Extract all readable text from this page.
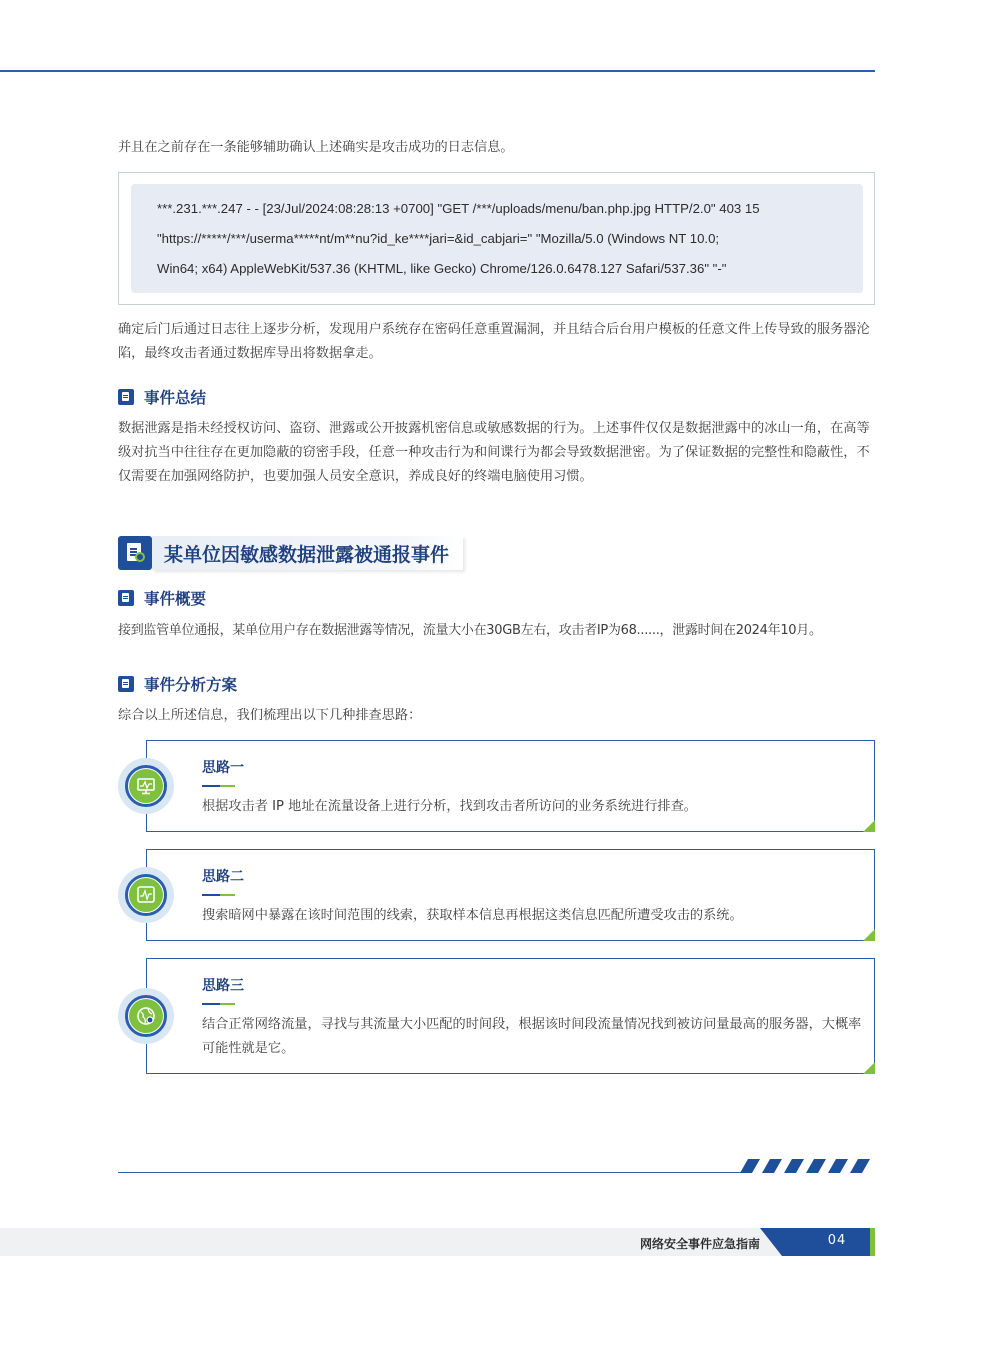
并且在之前存在一条能够辅助确认上述确实是攻击成功的日志信息。

***.231.***.247 - - [23/Jul/2024:08:28:13 +0700] "GET /***/uploads/menu/ban.php.jpg HTTP/2.0" 403 15
"https://*****/***/userma*****nt/m**nu?id_ke****jari=&id_cabjari=" "Mozilla/5.0 (Windows NT 10.0;
Win64; x64) AppleWebKit/537.36 (KHTML, like Gecko) Chrome/126.0.6478.127 Safari/537.36" "-"

确定后门后通过日志往上逐步分析，发现用户系统存在密码任意重置漏洞，并且结合后台用户模板的任意文件上传导致的服务器沦陷，最终攻击者通过数据库导出将数据拿走。

事件总结

数据泄露是指未经授权访问、盗窃、泄露或公开披露机密信息或敏感数据的行为。上述事件仅仅是数据泄露中的冰山一角，在高等级对抗当中往往存在更加隐蔽的窃密手段，任意一种攻击行为和间谍行为都会导致数据泄密。为了保证数据的完整性和隐蔽性，不仅需要在加强网络防护，也要加强人员安全意识，养成良好的终端电脑使用习惯。

某单位因敏感数据泄露被通报事件
事件概要

接到监管单位通报，某单位用户存在数据泄露等情况，流量大小在30GB左右，攻击者IP为68......，泄露时间在2024年10月。

事件分析方案

综合以上所述信息，我们梳理出以下几种排查思路：

思路一
根据攻击者 IP 地址在流量设备上进行分析，找到攻击者所访问的业务系统进行排查。
思路二
搜索暗网中暴露在该时间范围的线索，获取样本信息再根据这类信息匹配所遭受攻击的系统。
思路三
结合正常网络流量，寻找与其流量大小匹配的时间段，根据该时间段流量情况找到被访问量最高的服务器，大概率可能性就是它。
网络安全事件应急指南	04
